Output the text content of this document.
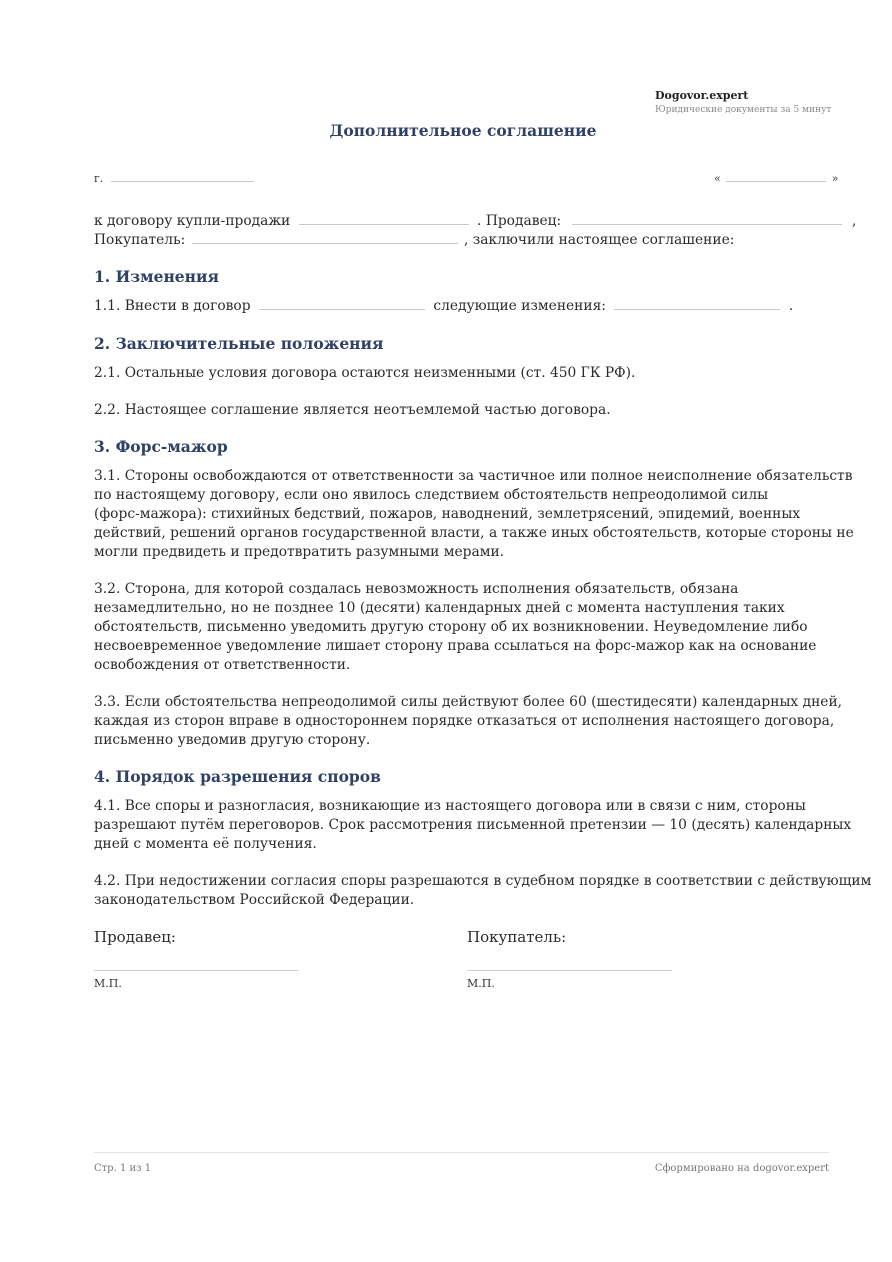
Dogovor.expert
Юридические документы за 5 минут
Дополнительное соглашение
г.	«	»
к договору купли-продажи	. Продавец:	,
Покупатель:	, заключили настоящее соглашение:
1. Изменения
1.1. Внести в договор	следующие изменения:	.
2. Заключительные положения
2.1. Остальные условия договора остаются неизменными (ст. 450 ГК РФ).
2.2. Настоящее соглашение является неотъемлемой частью договора.
3. Форс-мажор
3.1. Стороны освобождаются от ответственности за частичное или полное неисполнение обязательств
по настоящему договору, если оно явилось следствием обстоятельств непреодолимой силы
(форс-мажора): стихийных бедствий, пожаров, наводнений, землетрясений, эпидемий, военных
действий, решений органов государственной власти, а также иных обстоятельств, которые стороны не
могли предвидеть и предотвратить разумными мерами.
3.2. Сторона, для которой создалась невозможность исполнения обязательств, обязана
незамедлительно, но не позднее 10 (десяти) календарных дней с момента наступления таких
обстоятельств, письменно уведомить другую сторону об их возникновении. Неуведомление либо
несвоевременное уведомление лишает сторону права ссылаться на форс-мажор как на основание
освобождения от ответственности.
3.3. Если обстоятельства непреодолимой силы действуют более 60 (шестидесяти) календарных дней,
каждая из сторон вправе в одностороннем порядке отказаться от исполнения настоящего договора,
письменно уведомив другую сторону.
4. Порядок разрешения споров
4.1. Все споры и разногласия, возникающие из настоящего договора или в связи с ним, стороны
разрешают путём переговоров. Срок рассмотрения письменной претензии — 10 (десять) календарных
дней с момента её получения.
4.2. При недостижении согласия споры разрешаются в судебном порядке в соответствии с действующим
законодательством Российской Федерации.
Продавец:
М.П.
Покупатель:
М.П.
Стр. 1 из 1	Сформировано на dogovor.expert
